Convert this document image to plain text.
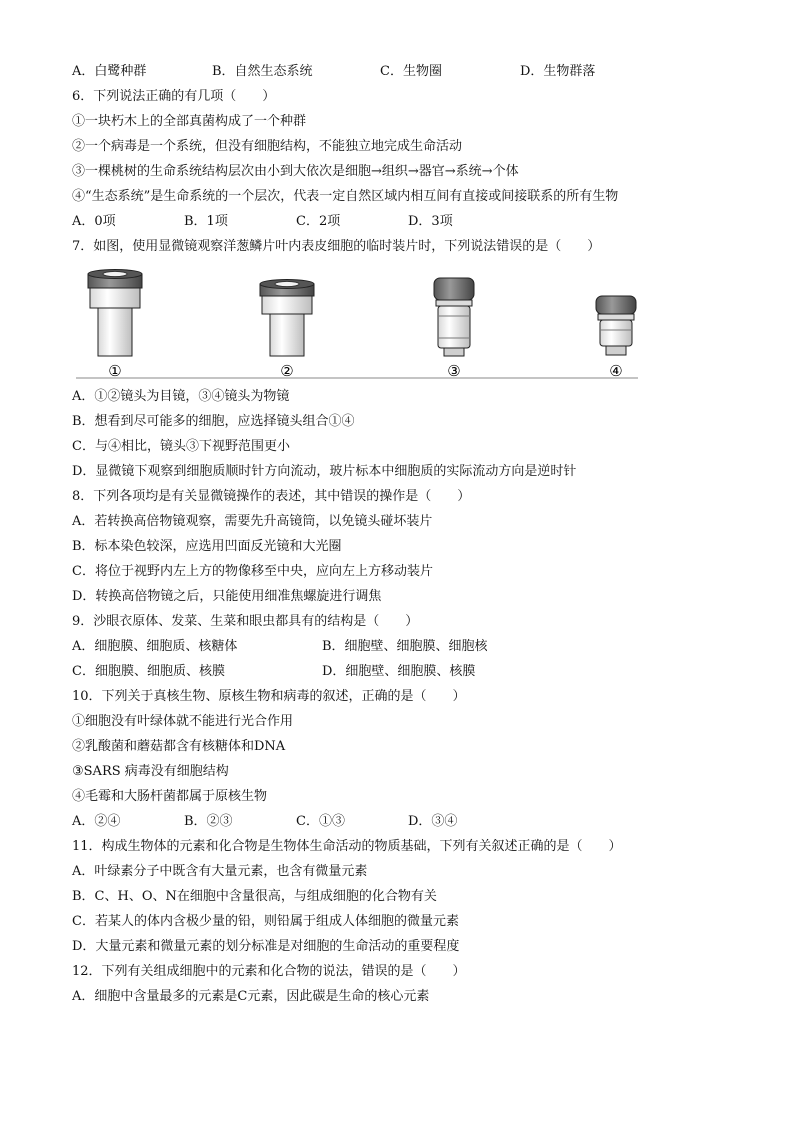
A．白鹭种群	B．自然生态系统	C．生物圈	D．生物群落
6．下列说法正确的有几项（　　）
①一块朽木上的全部真菌构成了一个种群
②一个病毒是一个系统，但没有细胞结构，不能独立地完成生命活动
③一棵桃树的生命系统结构层次由小到大依次是细胞→组织→器官→系统→个体
④“生态系统”是生命系统的一个层次，代表一定自然区域内相互间有直接或间接联系的所有生物
A．0项	B．1项	C．2项	D．3项
7．如图，使用显微镜观察洋葱鳞片叶内表皮细胞的临时装片时，下列说法错误的是（　　）
①	②	③	④
A．①②镜头为目镜，③④镜头为物镜
B．想看到尽可能多的细胞，应选择镜头组合①④
C．与④相比，镜头③下视野范围更小
D．显微镜下观察到细胞质顺时针方向流动，玻片标本中细胞质的实际流动方向是逆时针
8．下列各项均是有关显微镜操作的表述，其中错误的操作是（　　）
A．若转换高倍物镜观察，需要先升高镜筒，以免镜头碰坏装片
B．标本染色较深，应选用凹面反光镜和大光圈
C．将位于视野内左上方的物像移至中央，应向左上方移动装片
D．转换高倍物镜之后，只能使用细准焦螺旋进行调焦
9．沙眼衣原体、发菜、生菜和眼虫都具有的结构是（　　）
A．细胞膜、细胞质、核糖体	B．细胞壁、细胞膜、细胞核
C．细胞膜、细胞质、核膜	D．细胞壁、细胞膜、核膜
10．下列关于真核生物、原核生物和病毒的叙述，正确的是（　　）
①细胞没有叶绿体就不能进行光合作用
②乳酸菌和蘑菇都含有核糖体和DNA
③SARS 病毒没有细胞结构
④毛霉和大肠杆菌都属于原核生物
A．②④	B．②③	C．①③	D．③④
11．构成生物体的元素和化合物是生物体生命活动的物质基础，下列有关叙述正确的是（　　）
A．叶绿素分子中既含有大量元素，也含有微量元素
B．C、H、O、N在细胞中含量很高，与组成细胞的化合物有关
C．若某人的体内含极少量的铅，则铅属于组成人体细胞的微量元素
D．大量元素和微量元素的划分标准是对细胞的生命活动的重要程度
12．下列有关组成细胞中的元素和化合物的说法，错误的是（　　）
A．细胞中含量最多的元素是C元素，因此碳是生命的核心元素
